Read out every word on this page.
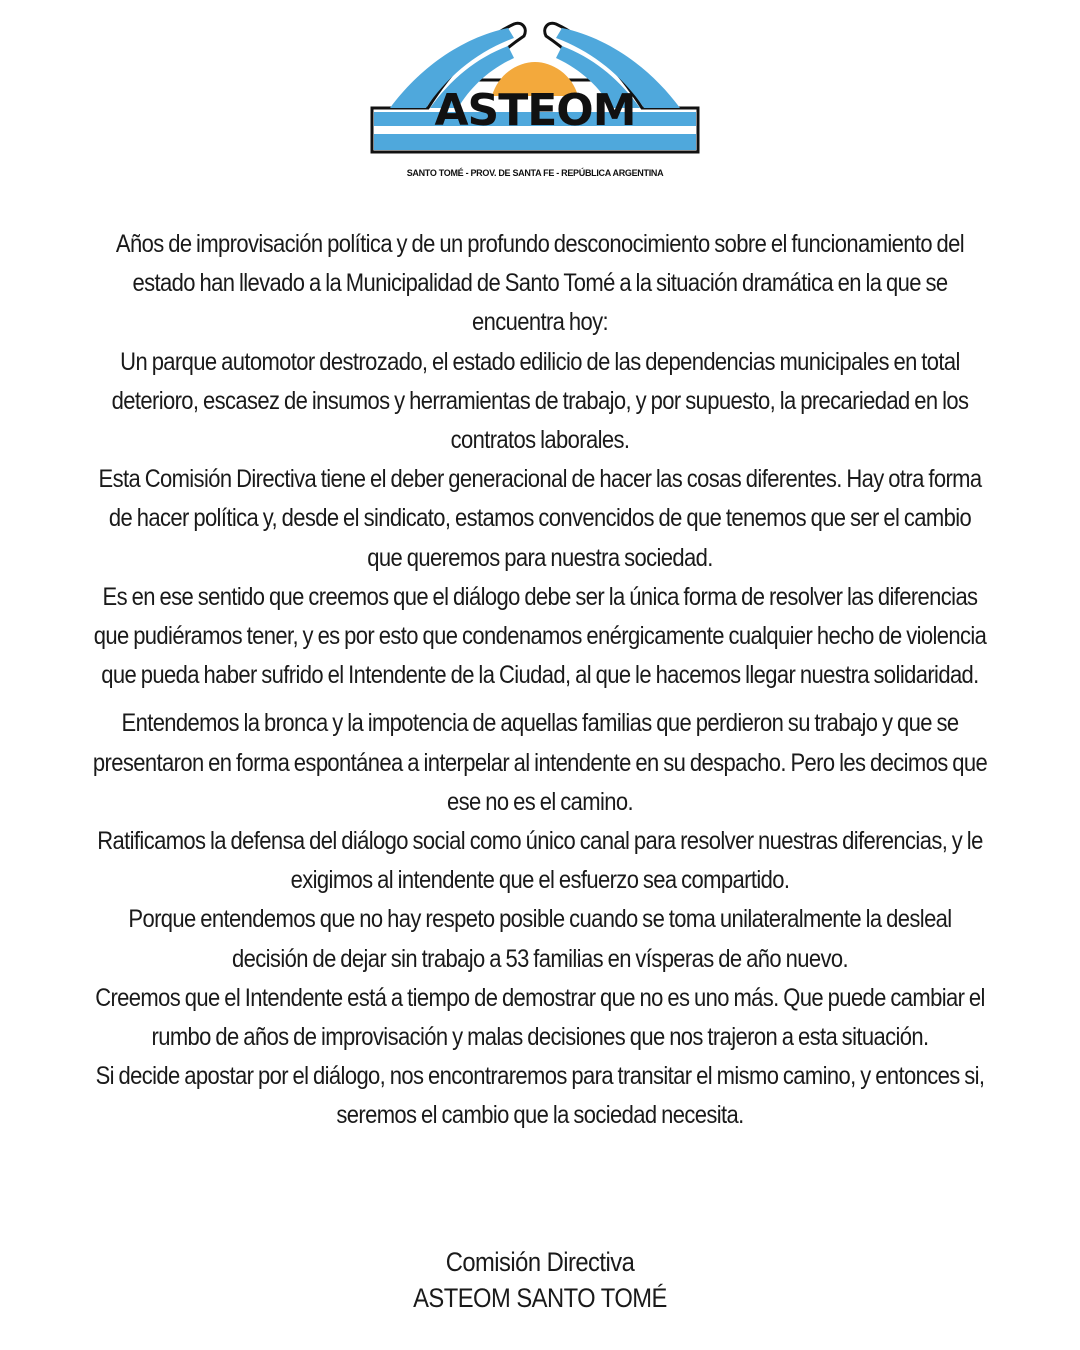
ASTEOM
SANTO TOMÉ - PROV. DE SANTA FE - REPÚBLICA ARGENTINA

Años de improvisación política y de un profundo desconocimiento sobre el funcionamiento del estado han llevado a la Municipalidad de Santo Tomé a la situación dramática en la que se encuentra hoy:

Un parque automotor destrozado, el estado edilicio de las dependencias municipales en total deterioro, escasez de insumos y herramientas de trabajo, y por supuesto, la precariedad en los contratos laborales.

Esta Comisión Directiva tiene el deber generacional de hacer las cosas diferentes. Hay otra forma de hacer política y, desde el sindicato, estamos convencidos de que tenemos que ser el cambio que queremos para nuestra sociedad.

Es en ese sentido que creemos que el diálogo debe ser la única forma de resolver las diferencias que pudiéramos tener, y es por esto que condenamos enérgicamente cualquier hecho de violencia que pueda haber sufrido el Intendente de la Ciudad, al que le hacemos llegar nuestra solidaridad.

Entendemos la bronca y la impotencia de aquellas familias que perdieron su trabajo y que se presentaron en forma espontánea a interpelar al intendente en su despacho. Pero les decimos que ese no es el camino.

Ratificamos la defensa del diálogo social como único canal para resolver nuestras diferencias, y le exigimos al intendente que el esfuerzo sea compartido.

Porque entendemos que no hay respeto posible cuando se toma unilateralmente la desleal decisión de dejar sin trabajo a 53 familias en vísperas de año nuevo.

Creemos que el Intendente está a tiempo de demostrar que no es uno más. Que puede cambiar el rumbo de años de improvisación y malas decisiones que nos trajeron a esta situación.

Si decide apostar por el diálogo, nos encontraremos para transitar el mismo camino, y entonces si, seremos el cambio que la sociedad necesita.

Comisión Directiva
ASTEOM SANTO TOMÉ
